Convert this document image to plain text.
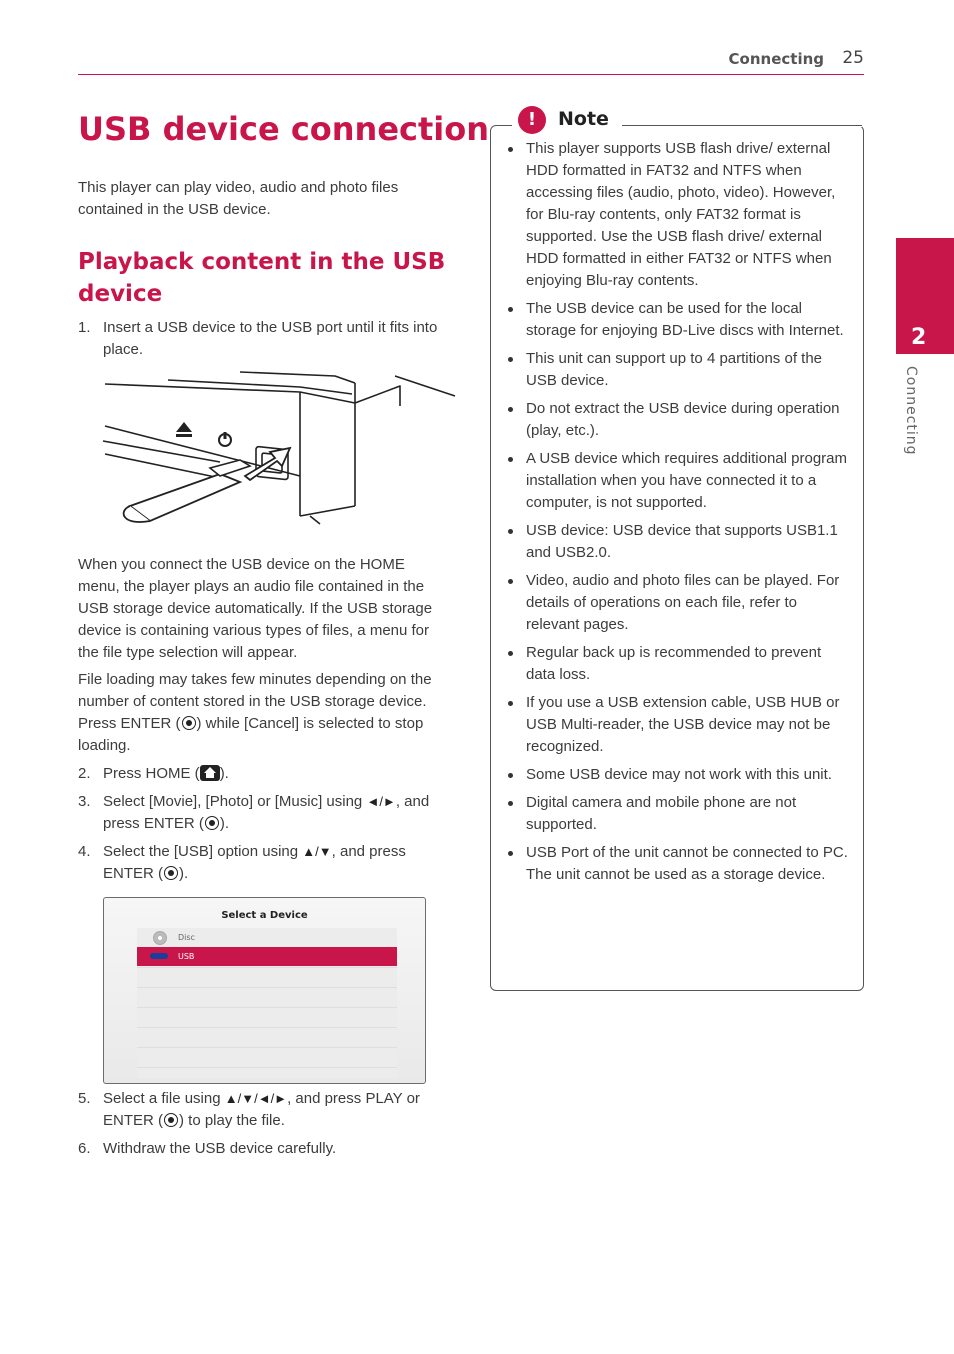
Connecting 25
2
Connecting
USB device connection

This player can play video, audio and photo files contained in the USB device.

Playback content in the USB device
1. Insert a USB device to the USB port until it fits into place.

When you connect the USB device on the HOME menu, the player plays an audio file contained in the USB storage device automatically. If the USB storage device is containing various types of files, a menu for the file type selection will appear.

File loading may takes few minutes depending on the number of content stored in the USB storage device. Press ENTER ( ) while [Cancel] is selected to stop loading.

2. Press HOME ( ).
3. Select [Movie], [Photo] or [Music] using ◄/►, and press ENTER ( ).
4. Select the [USB] option using ▲/▼, and press ENTER ( ).
Select a Device
Disc
USB
5. Select a file using ▲/▼/◄/►, and press PLAY or ENTER ( ) to play the file.
6. Withdraw the USB device carefully.
!	Note
This player supports USB flash drive/ external HDD formatted in FAT32 and NTFS when accessing files (audio, photo, video). However, for Blu-ray contents, only FAT32 format is supported. Use the USB flash drive/ external HDD formatted in either FAT32 or NTFS when enjoying Blu-ray contents.
The USB device can be used for the local storage for enjoying BD-Live discs with Internet.
This unit can support up to 4 partitions of the USB device.
Do not extract the USB device during operation (play, etc.).
A USB device which requires additional program installation when you have connected it to a computer, is not supported.
USB device: USB device that supports USB1.1 and USB2.0.
Video, audio and photo files can be played. For details of operations on each file, refer to relevant pages.
Regular back up is recommended to prevent data loss.
If you use a USB extension cable, USB HUB or USB Multi-reader, the USB device may not be recognized.
Some USB device may not work with this unit.
Digital camera and mobile phone are not supported.
USB Port of the unit cannot be connected to PC. The unit cannot be used as a storage device.
